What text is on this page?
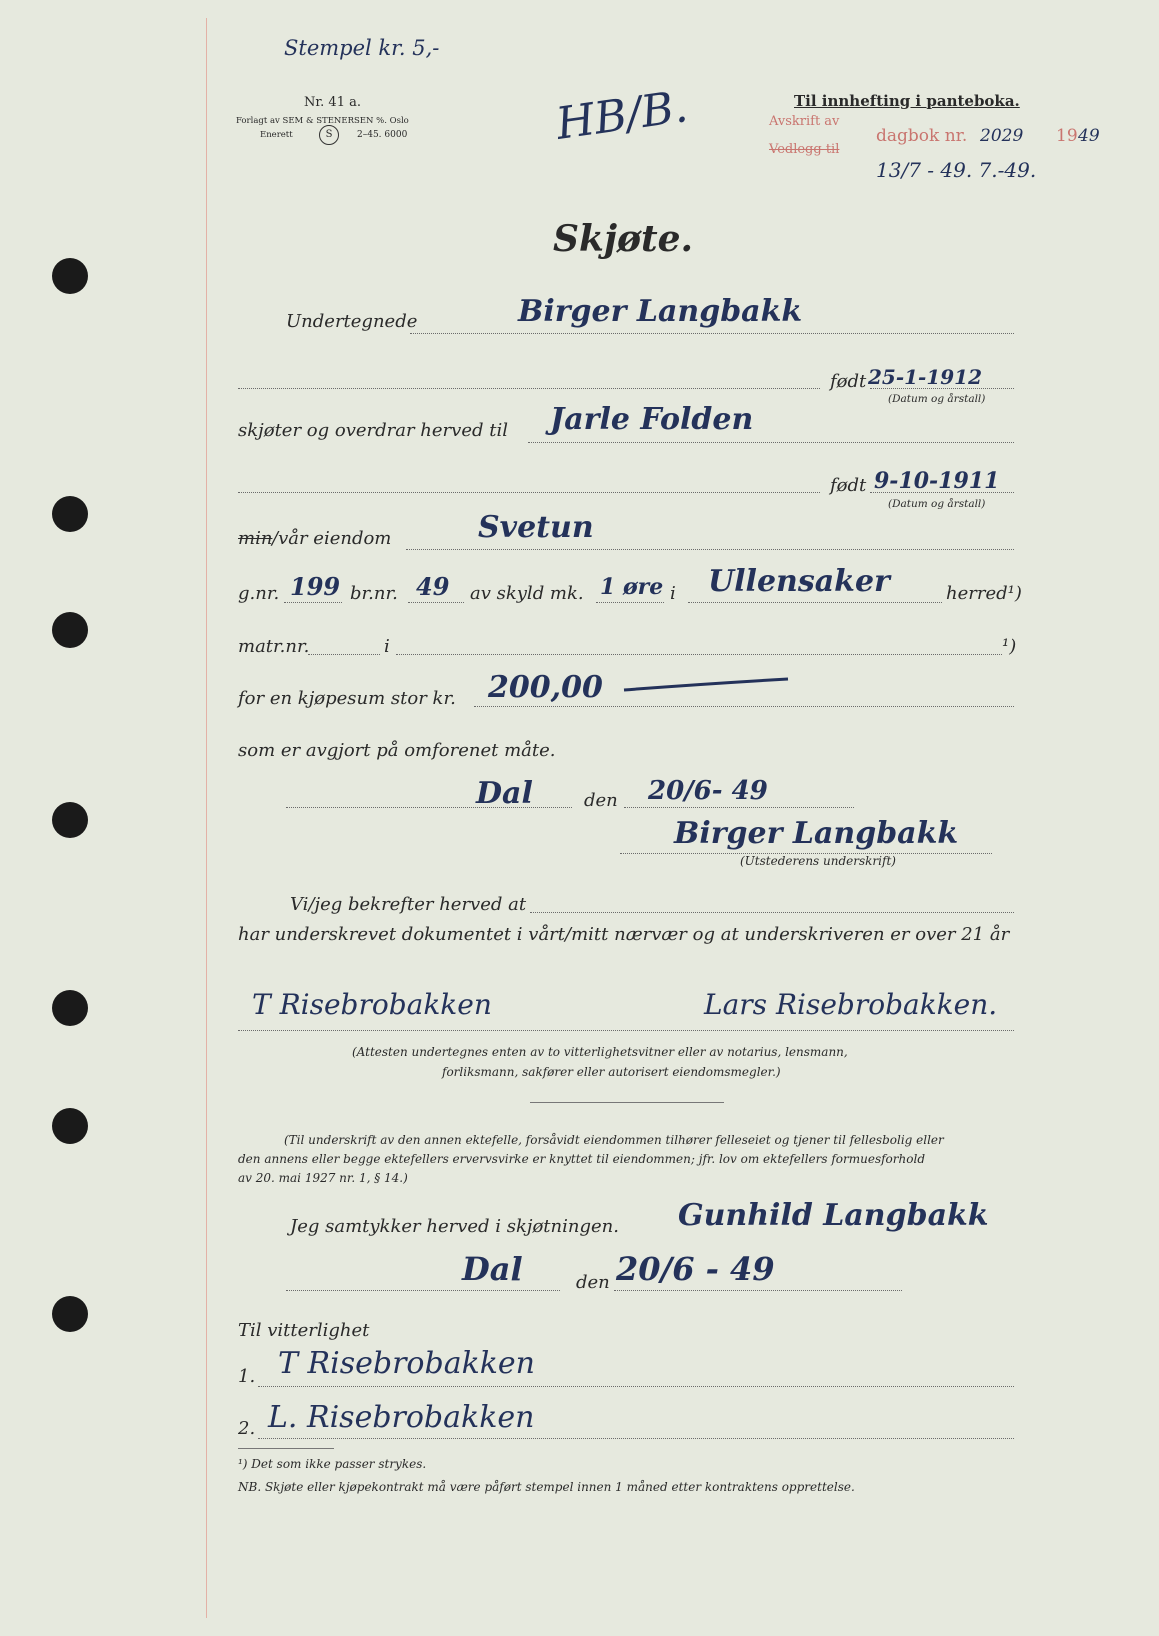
Stempel kr. 5,-
Nr. 41 a.
Forlagt av SEM & STENERSEN %. Oslo
Enerett	S	2–45. 6000	HB/B.	Til innhefting i panteboka.
Avskrift av
Vedlegg til
dagbok nr. 2029 19 49
13/7 - 49. 7.-49.
Skjøte.
Undertegnede	Birger Langbakk
født 25-1-1912
(Datum og årstall)
skjøter og overdrar herved til Jarle Folden
født 9-10-1911
(Datum og årstall)
min /vår eiendom	Svetun
g.nr. 199 br.nr. 49 av skyld mk. 1 øre i Ullensaker	herred¹)
matr.nr.	i	¹)
for en kjøpesum stor kr. 200,00
som er avgjort på omforenet måte.
Dal	den 20/6- 49
Birger Langbakk
(Utstederens underskrift)
Vi/jeg bekrefter herved at
har underskrevet dokumentet i vårt/mitt nærvær og at underskriveren er over 21 år
T Risebrobakken	Lars Risebrobakken.
(Attesten undertegnes enten av to vitterlighetsvitner eller av notarius, lensmann,
forliksmann, sakfører eller autorisert eiendomsmegler.)
(Til underskrift av den annen ektefelle, forsåvidt eiendommen tilhører felleseiet og tjener til fellesbolig eller
den annens eller begge ektefellers ervervsvirke er knyttet til eiendommen; jfr. lov om ektefellers formuesforhold
av 20. mai 1927 nr. 1, § 14.)
Jeg samtykker herved i skjøtningen. Gunhild Langbakk
Dal	den 20/6 - 49
Til vitterlighet
1. T Risebrobakken
2. L. Risebrobakken
¹) Det som ikke passer strykes.
NB. Skjøte eller kjøpekontrakt må være påført stempel innen 1 måned etter kontraktens opprettelse.
